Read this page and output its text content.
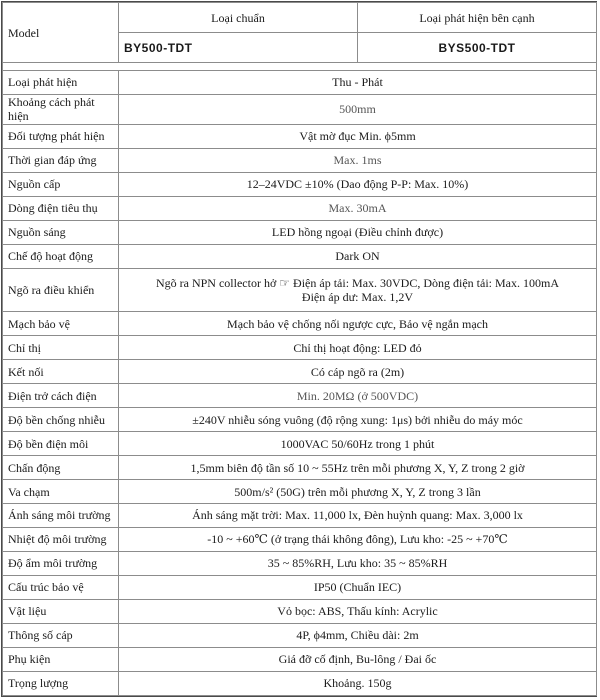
Model	Loại chuẩn	Loại phát hiện bên cạnh
	BY500-TDT	BYS500-TDT

Loại phát hiện	Thu - Phát	
Khoảng cách phát hiện	500mm	
Đối tượng phát hiện	Vật mờ đục Min. ϕ5mm	
Thời gian đáp ứng	Max. 1ms	
Nguồn cấp	12–24VDC ±10% (Dao động P-P: Max. 10%)	
Dòng điện tiêu thụ	Max. 30mA	
Nguồn sáng	LED hồng ngoại (Điều chỉnh được)	
Chế độ hoạt động	Dark ON	
Ngõ ra điều khiển	Ngõ ra NPN collector hở ☞ Điện áp tải: Max. 30VDC, Dòng điện tải: Max. 100mA
Điện áp dư: Max. 1,2V	

Mạch bảo vệ	Mạch bảo vệ chống nối ngược cực, Bảo vệ ngắn mạch	
Chỉ thị	Chỉ thị hoạt động: LED đỏ	
Kết nối	Có cáp ngõ ra (2m)	
Điện trở cách điện	Min. 20MΩ (ở 500VDC)	
Độ bền chống nhiễu	±240V nhiễu sóng vuông (độ rộng xung: 1μs) bởi nhiễu do máy móc	
Độ bền điện môi	1000VAC 50/60Hz trong 1 phút	
Chấn động	1,5mm biên độ tần số 10 ~ 55Hz trên mỗi phương X, Y, Z trong 2 giờ	
Va chạm	500m/s² (50G) trên mỗi phương X, Y, Z trong 3 lần	
Ánh sáng môi trường	Ánh sáng mặt trời: Max. 11,000 lx, Đèn huỳnh quang: Max. 3,000 lx	
Nhiệt độ môi trường	-10 ~ +60℃ (ở trạng thái không đông), Lưu kho: -25 ~ +70℃	
Độ ẩm môi trường	35 ~ 85%RH, Lưu kho: 35 ~ 85%RH	
Cấu trúc bảo vệ	IP50 (Chuẩn IEC)	
Vật liệu	Vỏ bọc: ABS, Thấu kính: Acrylic	
Thông số cáp	4P, ϕ4mm, Chiều dài: 2m	
Phụ kiện	Giá đỡ cố định, Bu-lông / Đai ốc	
Trọng lượng	Khoảng. 150g	
